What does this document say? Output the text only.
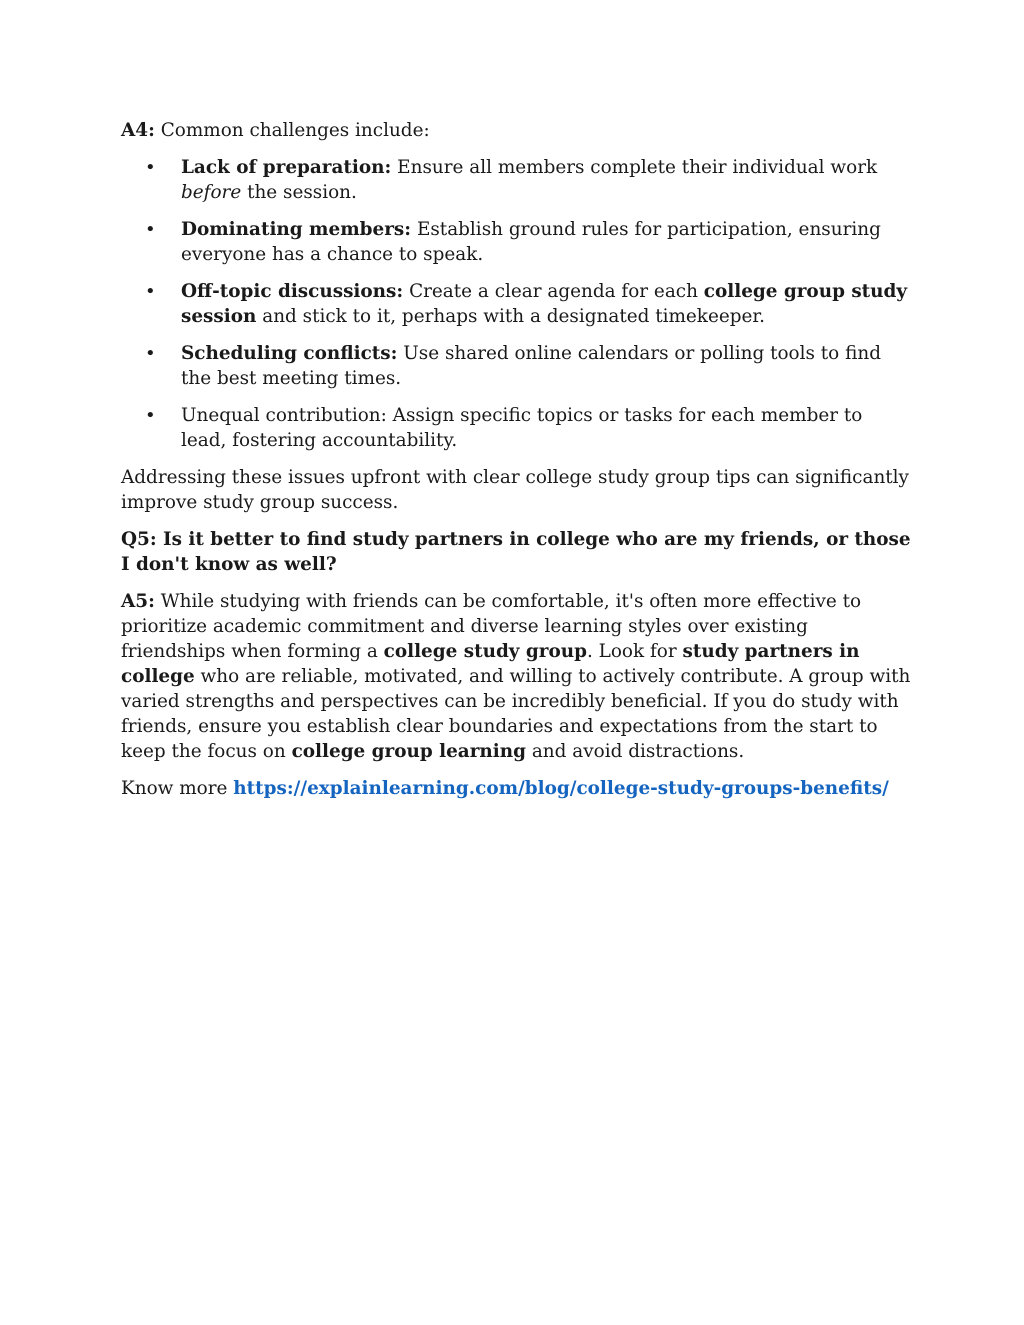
A4: Common challenges include:

• Lack of preparation: Ensure all members complete their individual work before the session.
• Dominating members: Establish ground rules for participation, ensuring everyone has a chance to speak.
• Off-topic discussions: Create a clear agenda for each college group study session and stick to it, perhaps with a designated timekeeper.
• Scheduling conflicts: Use shared online calendars or polling tools to find the best meeting times.
• Unequal contribution: Assign specific topics or tasks for each member to lead, fostering accountability.

Addressing these issues upfront with clear college study group tips can significantly improve study group success.

Q5: Is it better to find study partners in college who are my friends, or those I don't know as well?

A5: While studying with friends can be comfortable, it's often more effective to prioritize academic commitment and diverse learning styles over existing friendships when forming a college study group. Look for study partners in college who are reliable, motivated, and willing to actively contribute. A group with varied strengths and perspectives can be incredibly beneficial. If you do study with friends, ensure you establish clear boundaries and expectations from the start to keep the focus on college group learning and avoid distractions.

Know more https://explainlearning.com/blog/college-study-groups-benefits/
